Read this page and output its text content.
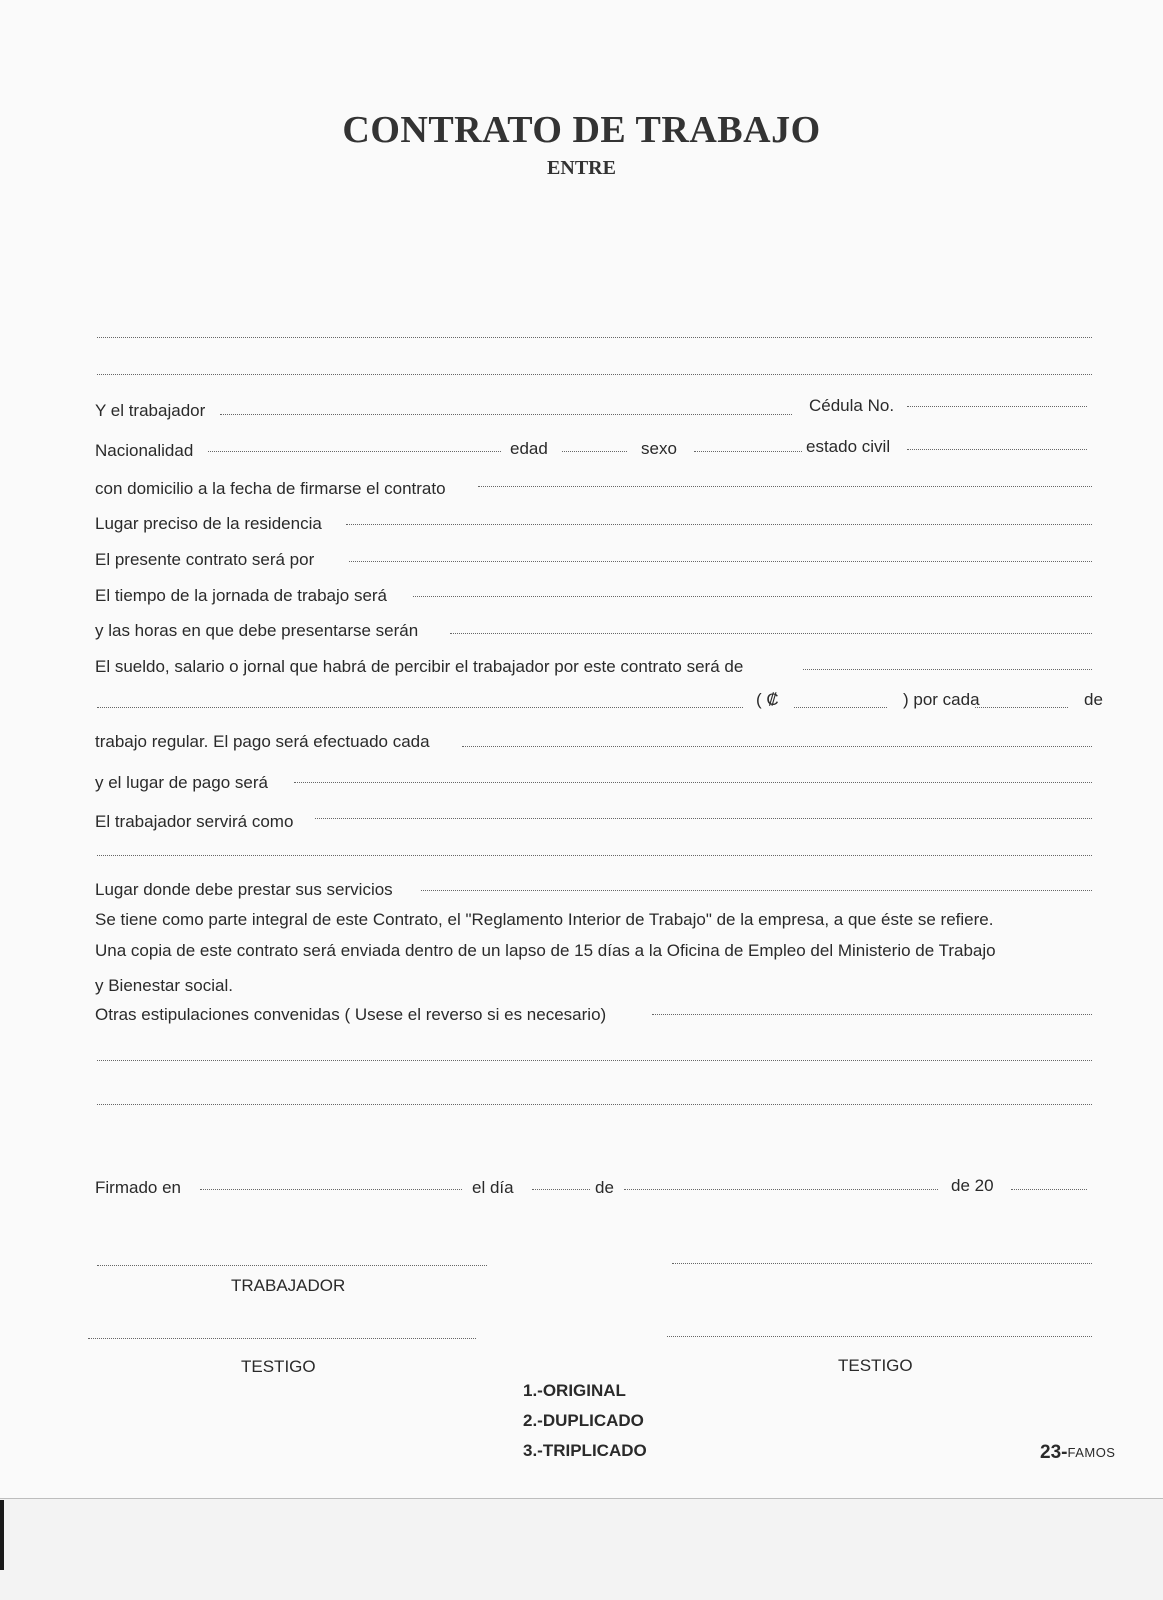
CONTRATO DE TRABAJO
ENTRE
Y el trabajador	Cédula No.
Nacionalidad	edad	sexo	estado civil
con domicilio a la fecha de firmarse el contrato
Lugar preciso de la residencia
El presente contrato será por
El tiempo de la jornada de trabajo será
y las horas en que debe presentarse serán
El sueldo, salario o jornal que habrá de percibir el trabajador por este contrato será de
( ₡	) por cada	de
trabajo regular. El pago será efectuado cada
y el lugar de pago será
El trabajador servirá como
Lugar donde debe prestar sus servicios
Se tiene como parte integral de este Contrato, el "Reglamento Interior de Trabajo" de la empresa, a que éste se refiere.
Una copia de este contrato será enviada dentro de un lapso de 15 días a la Oficina de Empleo del Ministerio de Trabajo
y Bienestar social.
Otras estipulaciones convenidas ( Usese el reverso si es necesario)
Firmado en	el día	de	de 20
TRABAJADOR
TESTIGO	TESTIGO
1.-ORIGINAL
2.-DUPLICADO
3.-TRIPLICADO	23-FAMOS
